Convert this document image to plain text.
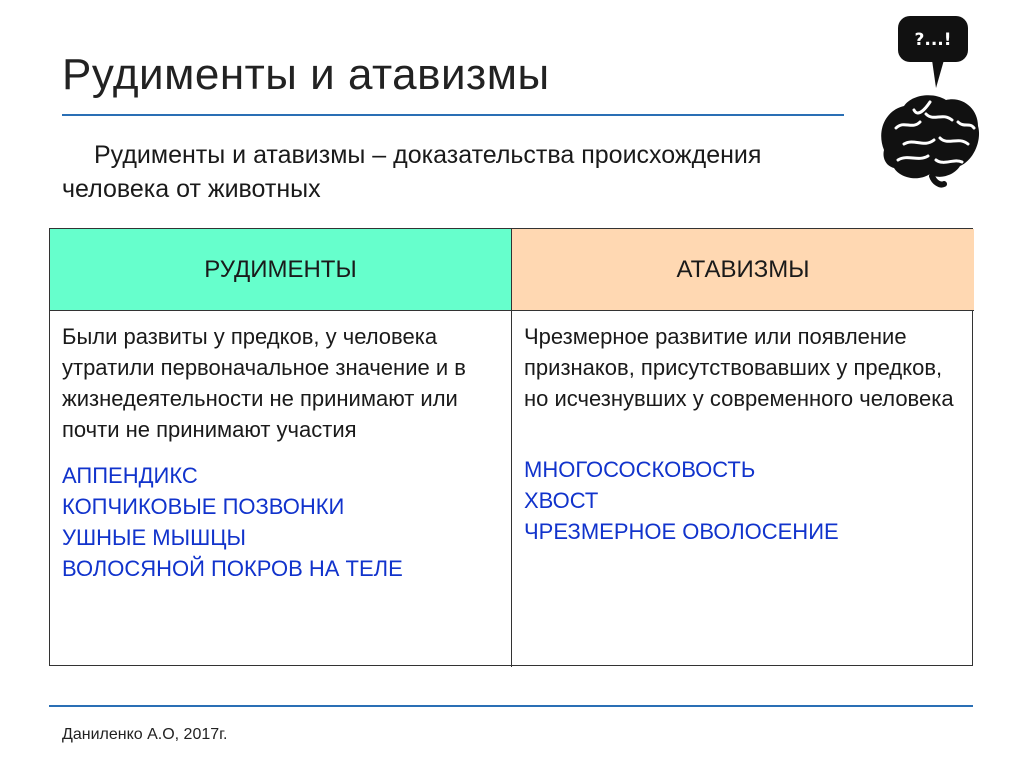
Рудименты и атавизмы
Рудименты и атавизмы – доказательства происхождения человека от животных
?...!
РУДИМЕНТЫ	АТАВИЗМЫ

Были развиты у предков, у человека утратили первоначальное значение и в жизнедеятельности не принимают или почти не принимают участия

АППЕНДИКС
КОПЧИКОВЫЕ ПОЗВОНКИ
УШНЫЕ МЫШЦЫ
ВОЛОСЯНОЙ ПОКРОВ НА ТЕЛЕ

Чрезмерное развитие или появление признаков, присутствовавших у предков, но исчезнувших у современного человека

МНОГОСОСКОВОСТЬ
ХВОСТ
ЧРЕЗМЕРНОЕ ОВОЛОСЕНИЕ
Даниленко А.О, 2017г.
